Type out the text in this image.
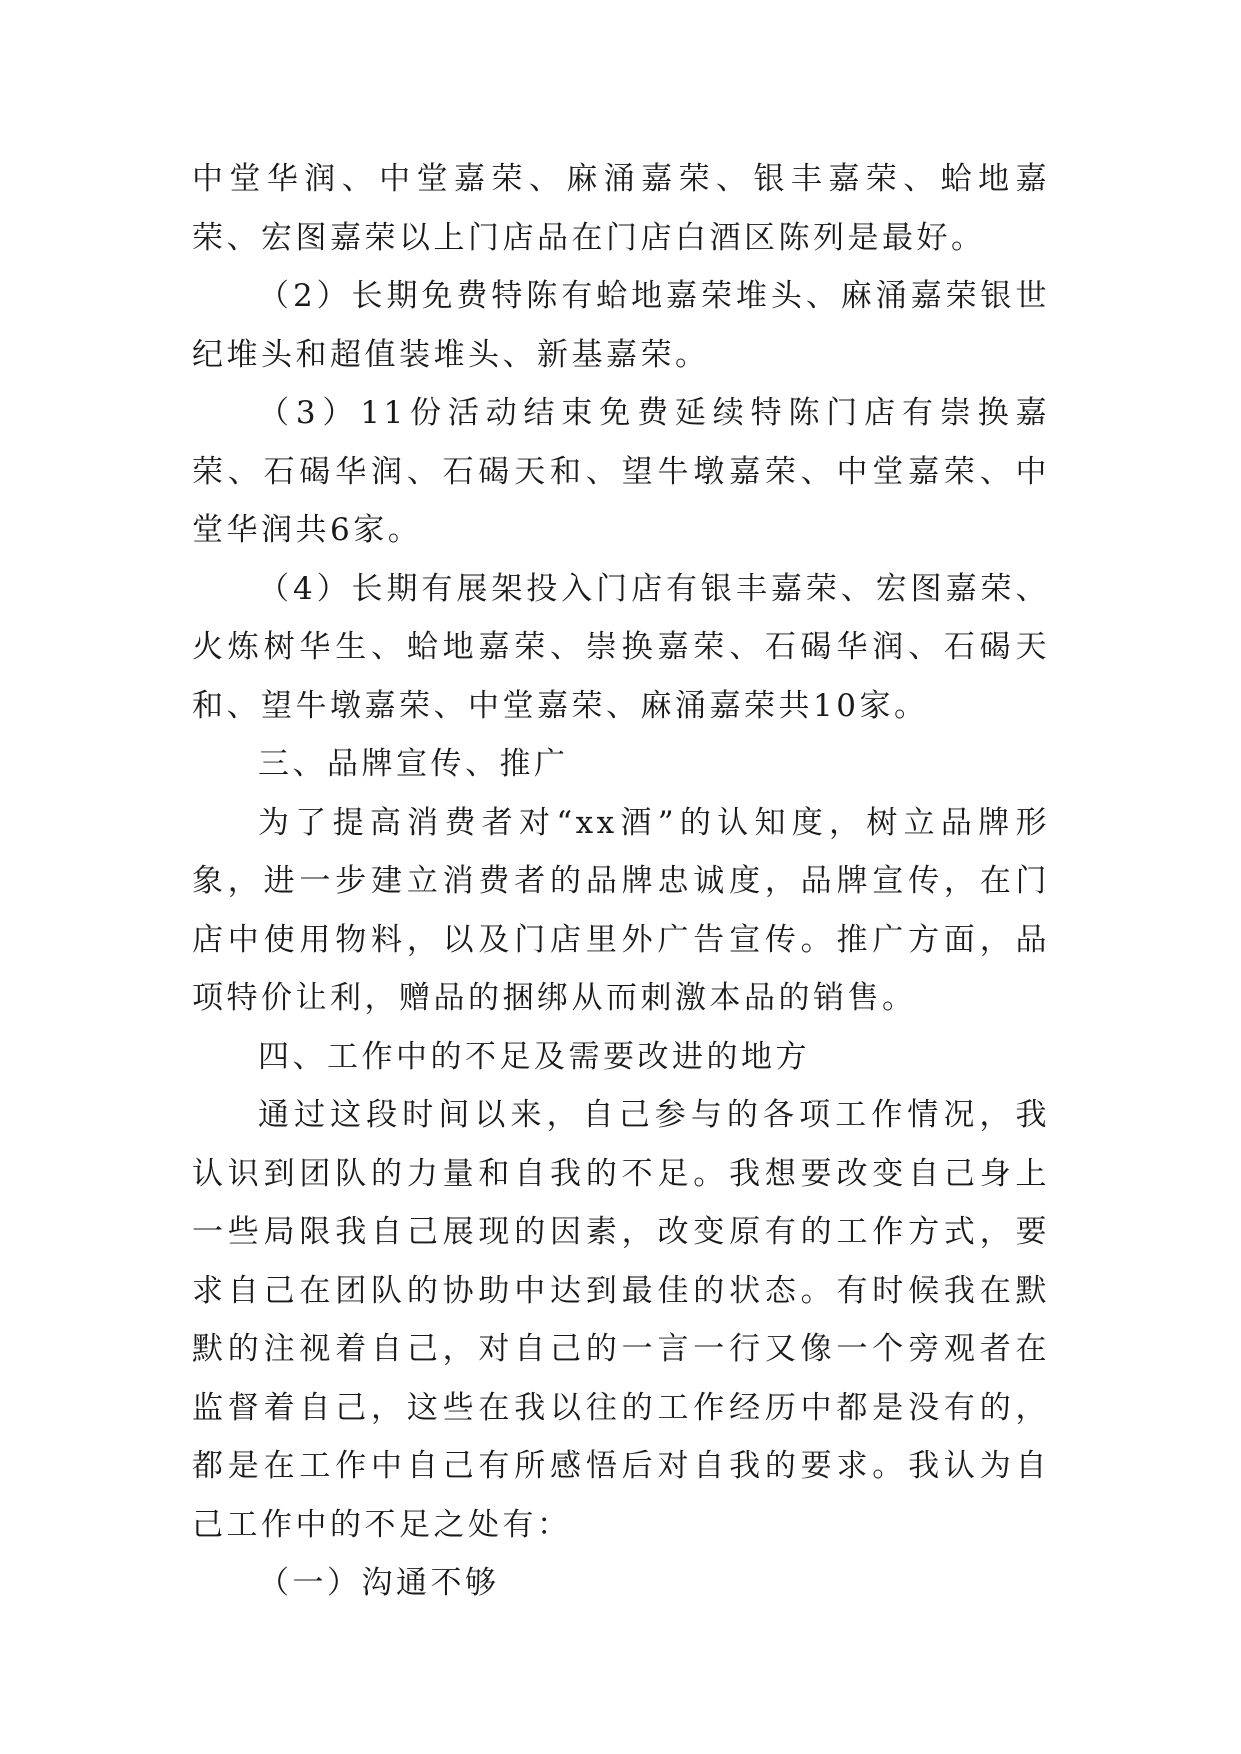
中堂华润、中堂嘉荣、麻涌嘉荣、银丰嘉荣、蛤地嘉荣、宏图嘉荣以上门店品在门店白酒区陈列是最好。

（2）长期免费特陈有蛤地嘉荣堆头、麻涌嘉荣银世纪堆头和超值装堆头、新基嘉荣。

（3）11份活动结束免费延续特陈门店有崇换嘉荣、石碣华润、石碣天和、望牛墩嘉荣、中堂嘉荣、中堂华润共6家。

（4）长期有展架投入门店有银丰嘉荣、宏图嘉荣、火炼树华生、蛤地嘉荣、崇换嘉荣、石碣华润、石碣天和、望牛墩嘉荣、中堂嘉荣、麻涌嘉荣共10家。

三、品牌宣传、推广

为了提高消费者对“xx酒”的认知度，树立品牌形象，进一步建立消费者的品牌忠诚度，品牌宣传，在门店中使用物料，以及门店里外广告宣传。推广方面，品项特价让利，赠品的捆绑从而刺激本品的销售。

四、工作中的不足及需要改进的地方

通过这段时间以来，自己参与的各项工作情况，我认识到团队的力量和自我的不足。我想要改变自己身上一些局限我自己展现的因素，改变原有的工作方式，要求自己在团队的协助中达到最佳的状态。有时候我在默默的注视着自己，对自己的一言一行又像一个旁观者在监督着自己，这些在我以往的工作经历中都是没有的，都是在工作中自己有所感悟后对自我的要求。我认为自己工作中的不足之处有：

（一）沟通不够
